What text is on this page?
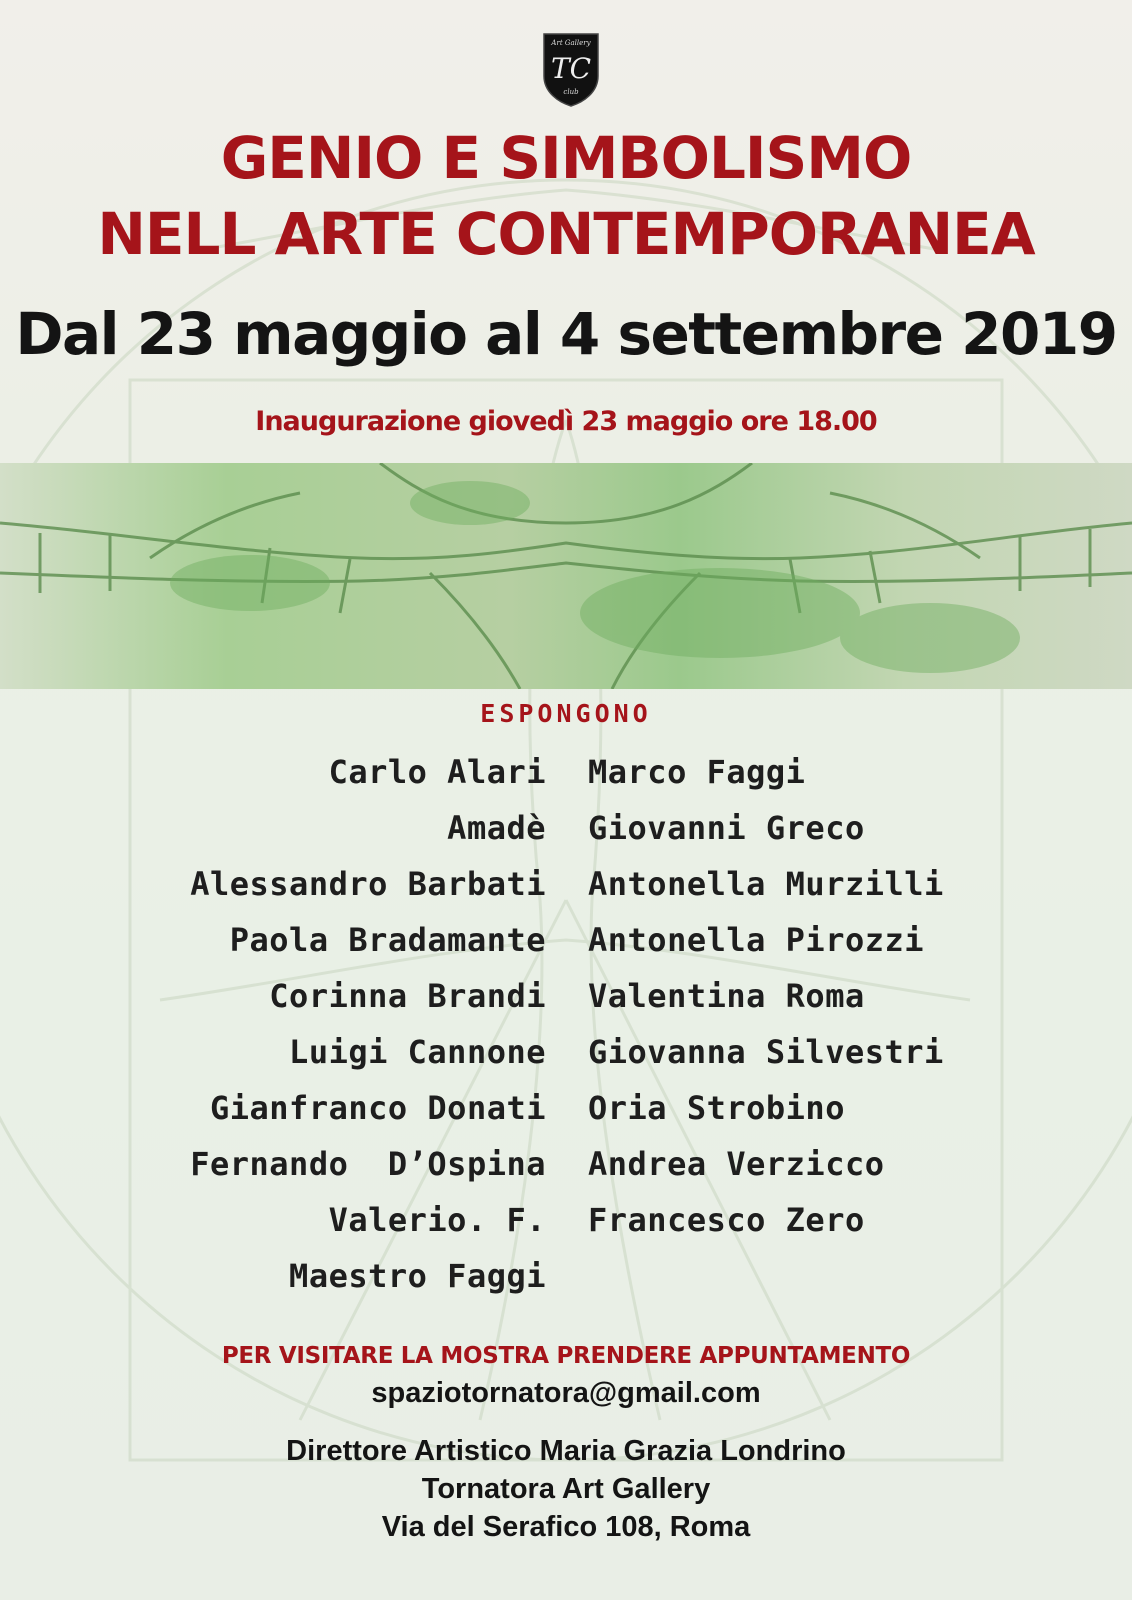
Art Gallery
TC
club
GENIO E SIMBOLISMO
NELL ARTE CONTEMPORANEA
Dal 23 maggio al 4 settembre 2019
Inaugurazione giovedì 23 maggio ore 18.00
ESPONGONO
Carlo Alari
Amadè
Alessandro Barbati
Paola Bradamante
Corinna Brandi
Luigi Cannone
Gianfranco Donati
Fernando  D’Ospina
Valerio. F.
Maestro Faggi
Marco Faggi
Giovanni Greco
Antonella Murzilli
Antonella Pirozzi
Valentina Roma
Giovanna Silvestri
Oria Strobino
Andrea Verzicco
Francesco Zero
PER VISITARE LA MOSTRA PRENDERE APPUNTAMENTO
spaziotornatora@gmail.com
Direttore Artistico Maria Grazia Londrino
Tornatora Art Gallery
Via del Serafico 108, Roma
